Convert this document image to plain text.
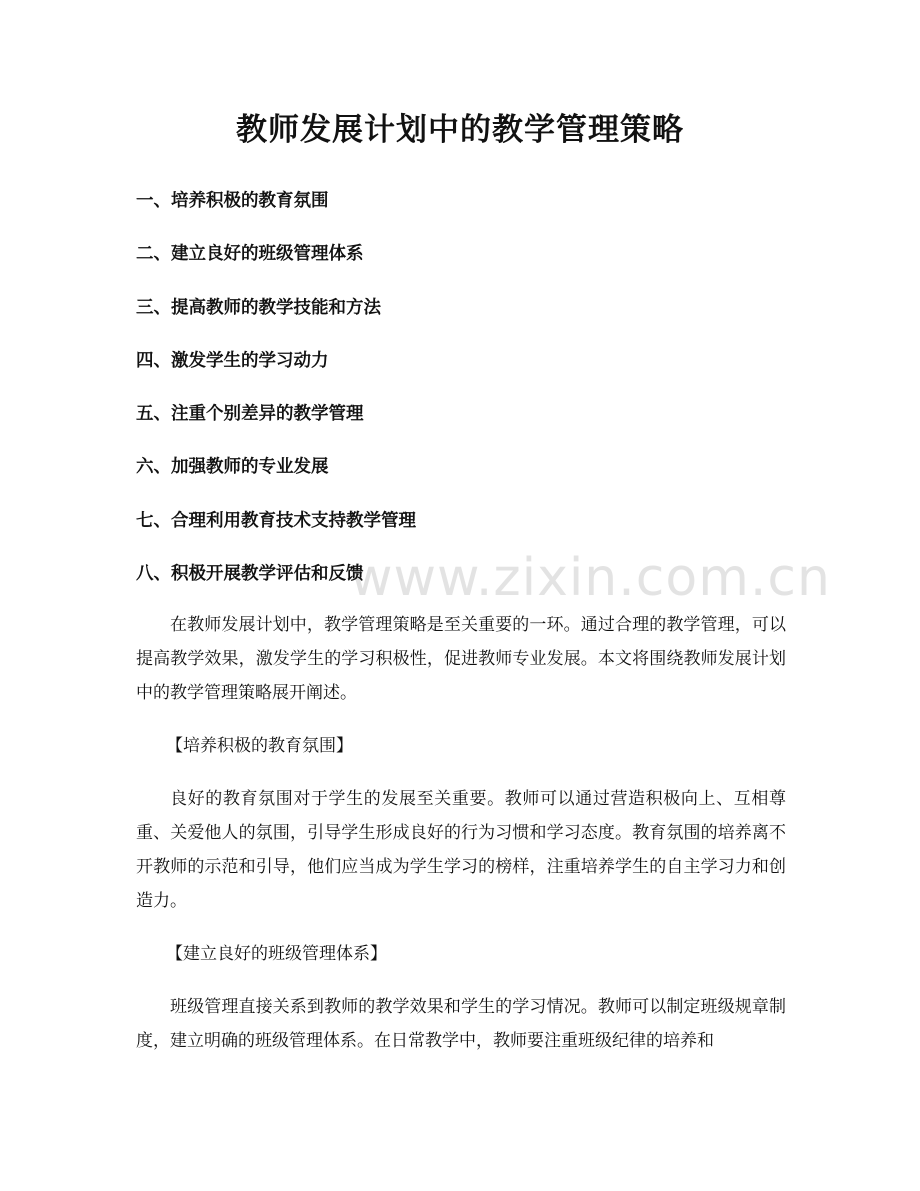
www.zixin.com.cn
教师发展计划中的教学管理策略
一、培养积极的教育氛围
二、建立良好的班级管理体系
三、提高教师的教学技能和方法
四、激发学生的学习动力
五、注重个别差异的教学管理
六、加强教师的专业发展
七、合理利用教育技术支持教学管理
八、积极开展教学评估和反馈

在教师发展计划中，教学管理策略是至关重要的一环。通过合理的教学管理，可以提高教学效果，激发学生的学习积极性，促进教师专业发展。本文将围绕教师发展计划中的教学管理策略展开阐述。

【培养积极的教育氛围】

良好的教育氛围对于学生的发展至关重要。教师可以通过营造积极向上、互相尊重、关爱他人的氛围，引导学生形成良好的行为习惯和学习态度。教育氛围的培养离不开教师的示范和引导，他们应当成为学生学习的榜样，注重培养学生的自主学习力和创造力。

【建立良好的班级管理体系】

班级管理直接关系到教师的教学效果和学生的学习情况。教师可以制定班级规章制度，建立明确的班级管理体系。在日常教学中，教师要注重班级纪律的培养和
